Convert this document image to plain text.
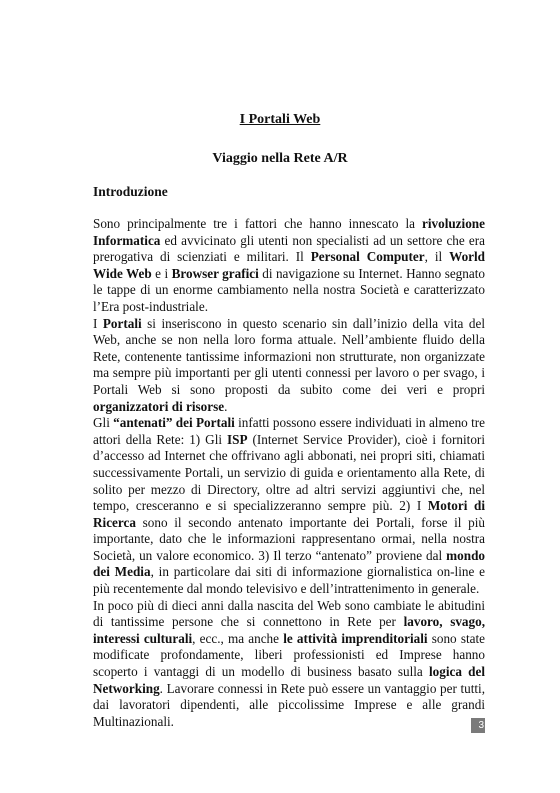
I Portali Web
Viaggio nella Rete A/R
Introduzione

Sono principalmente tre i fattori che hanno innescato la rivoluzione Informatica ed avvicinato gli utenti non specialisti ad un settore che era prerogativa di scienziati e militari. Il Personal Computer, il World Wide Web e i Browser grafici di navigazione su Internet. Hanno segnato le tappe di un enorme cambiamento nella nostra Società e caratterizzato l’Era post-industriale.

I Portali si inseriscono in questo scenario sin dall’inizio della vita del Web, anche se non nella loro forma attuale. Nell’ambiente fluido della Rete, contenente tantissime informazioni non strutturate, non organizzate ma sempre più importanti per gli utenti connessi per lavoro o per svago, i Portali Web si sono proposti da subito come dei veri e propri organizzatori di risorse.

Gli “antenati” dei Portali infatti possono essere individuati in almeno tre attori della Rete: 1) Gli ISP (Internet Service Provider), cioè i fornitori d’accesso ad Internet che offrivano agli abbonati, nei propri siti, chiamati successivamente Portali, un servizio di guida e orientamento alla Rete, di solito per mezzo di Directory, oltre ad altri servizi aggiuntivi che, nel tempo, cresceranno e si specializzeranno sempre più. 2) I Motori di Ricerca sono il secondo antenato importante dei Portali, forse il più importante, dato che le informazioni rappresentano ormai, nella nostra Società, un valore economico. 3) Il terzo “antenato” proviene dal mondo dei Media, in particolare dai siti di informazione giornalistica on-line e più recentemente dal mondo televisivo e dell’intrattenimento in generale.

In poco più di dieci anni dalla nascita del Web sono cambiate le abitudini di tantissime persone che si connettono in Rete per lavoro, svago, interessi culturali, ecc., ma anche le attività imprenditoriali sono state modificate profondamente, liberi professionisti ed Imprese hanno scoperto i vantaggi di un modello di business basato sulla logica del Networking. Lavorare connessi in Rete può essere un vantaggio per tutti, dai lavoratori dipendenti, alle piccolissime Imprese e alle grandi Multinazionali.	3
